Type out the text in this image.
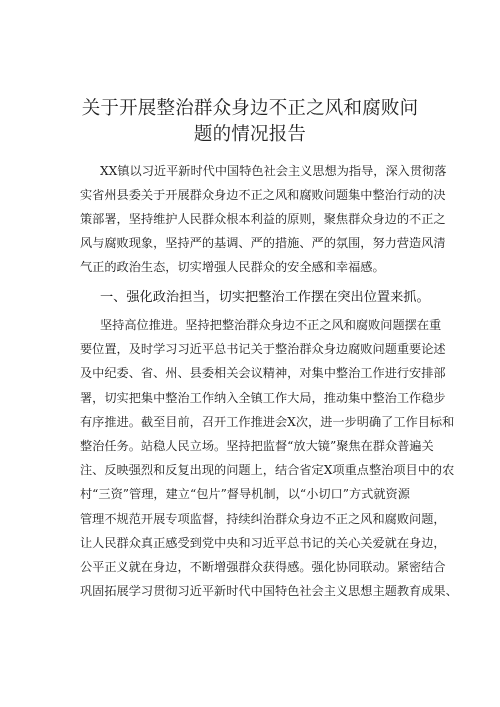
关于开展整治群众身边不正之风和腐败问
题的情况报告
XX镇以习近平新时代中国特色社会主义思想为指导，深入贯彻落
实省州县委关于开展群众身边不正之风和腐败问题集中整治行动的决
策部署，坚持维护人民群众根本利益的原则，聚焦群众身边的不正之
风与腐败现象，坚持严的基调、严的措施、严的氛围，努力营造风清
一、强化政治担当，切实把整治工作摆在突出位置来抓。
坚持高位推进。坚持把整治群众身边不正之风和腐败问题摆在重
要位置，及时学习习近平总书记关于整治群众身边腐败问题重要论述
及中纪委、省、州、县委相关会议精神，对集中整治工作进行安排部
署，切实把集中整治工作纳入全镇工作大局，推动集中整治工作稳步
有序推进。截至目前，召开工作推进会X次，进一步明确了工作目标和
整治任务。站稳人民立场。坚持把监督“放大镜”聚焦在群众普遍关
注、反映强烈和反复出现的问题上，结合省定X项重点整治项目中的农
村“三资”管理，建立“包片”督导机制，以“小切口”方式就资源
管理不规范开展专项监督，持续纠治群众身边不正之风和腐败问题，
让人民群众真正感受到党中央和习近平总书记的关心关爱就在身边，
公平正义就在身边，不断增强群众获得感。强化协同联动。紧密结合
巩固拓展学习贯彻习近平新时代中国特色社会主义思想主题教育成果、
气正的政治生态，切实增强人民群众的安全感和幸福感。
